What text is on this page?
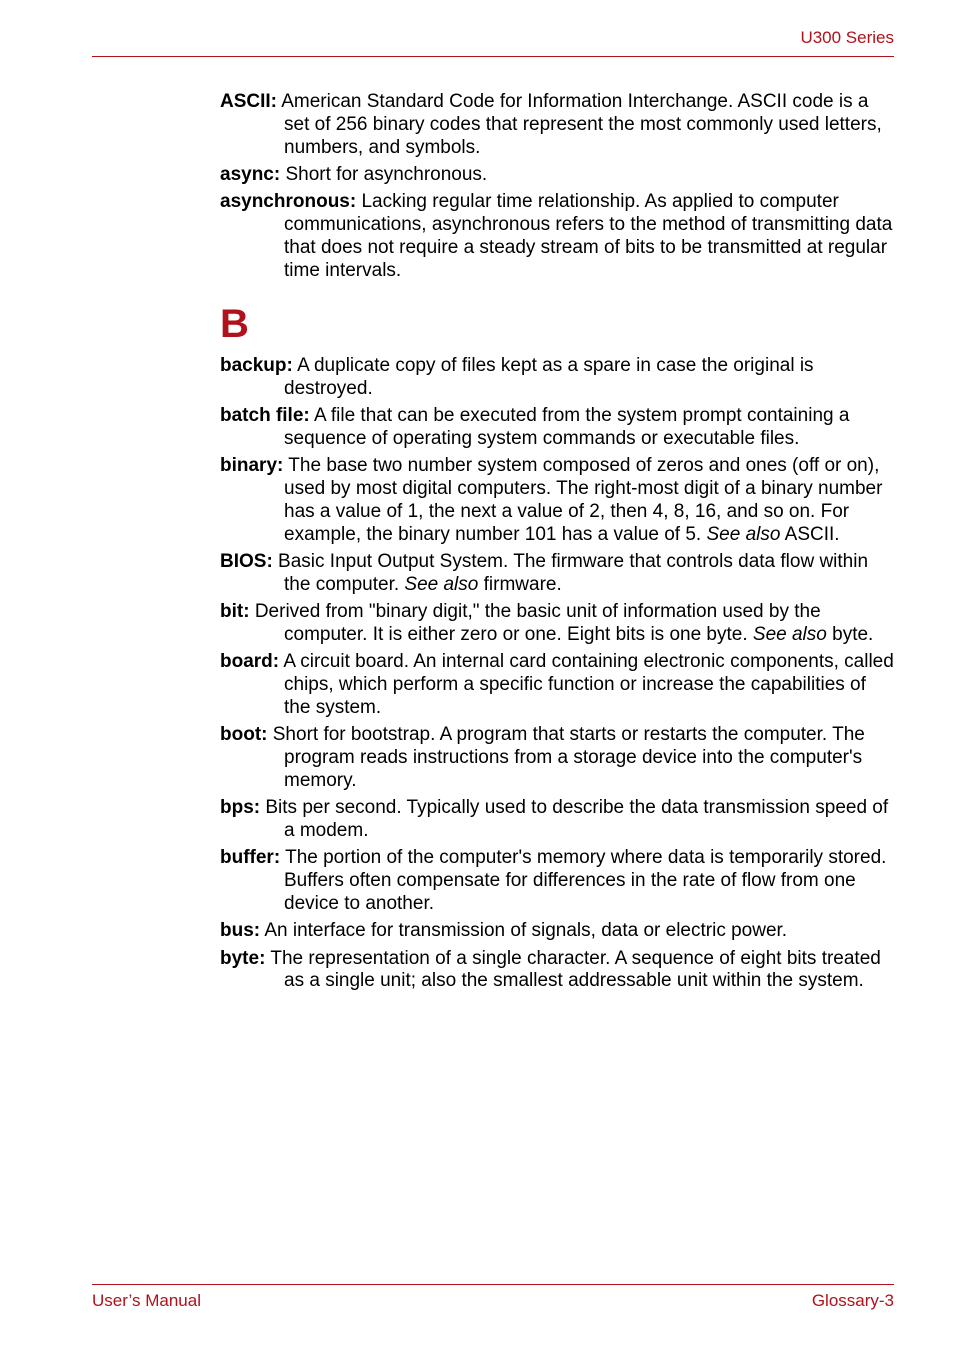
U300 Series

ASCII: American Standard Code for Information Interchange. ASCII code is a set of 256 binary codes that represent the most commonly used letters, numbers, and symbols.

async: Short for asynchronous.

asynchronous: Lacking regular time relationship. As applied to computer communications, asynchronous refers to the method of transmitting data that does not require a steady stream of bits to be transmitted at regular time intervals.

B

backup: A duplicate copy of files kept as a spare in case the original is destroyed.

batch file: A file that can be executed from the system prompt containing a sequence of operating system commands or executable files.

binary: The base two number system composed of zeros and ones (off or on), used by most digital computers. The right-most digit of a binary number has a value of 1, the next a value of 2, then 4, 8, 16, and so on. For example, the binary number 101 has a value of 5. See also ASCII.

BIOS: Basic Input Output System. The firmware that controls data flow within the computer. See also firmware.

bit: Derived from "binary digit," the basic unit of information used by the computer. It is either zero or one. Eight bits is one byte. See also byte.

board: A circuit board. An internal card containing electronic components, called chips, which perform a specific function or increase the capabilities of the system.

boot: Short for bootstrap. A program that starts or restarts the computer. The program reads instructions from a storage device into the computer's memory.

bps: Bits per second. Typically used to describe the data transmission speed of a modem.

buffer: The portion of the computer's memory where data is temporarily stored. Buffers often compensate for differences in the rate of flow from one device to another.

bus: An interface for transmission of signals, data or electric power.

byte: The representation of a single character. A sequence of eight bits treated as a single unit; also the smallest addressable unit within the system.

User’s Manual	Glossary-3
